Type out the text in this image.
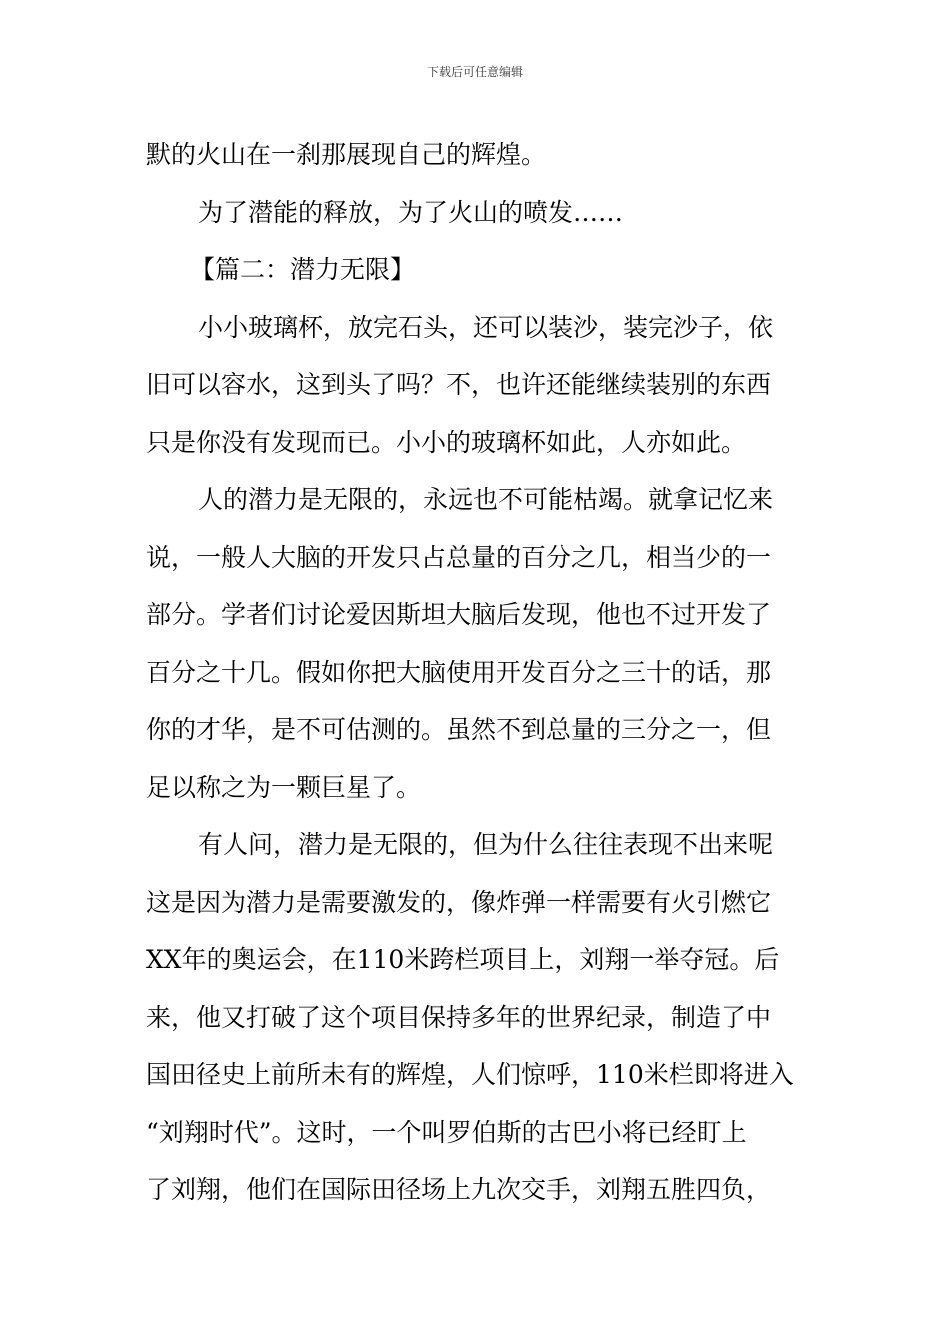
下载后可任意编辑
默的火山在一刹那展现自己的辉煌。
为了潜能的释放，为了火山的喷发……
【篇二：潜力无限】
小小玻璃杯，放完石头，还可以装沙，装完沙子，依
旧可以容水，这到头了吗？不，也许还能继续装别的东西
只是你没有发现而已。小小的玻璃杯如此，人亦如此。
人的潜力是无限的，永远也不可能枯竭。就拿记忆来
说，一般人大脑的开发只占总量的百分之几，相当少的一
部分。学者们讨论爱因斯坦大脑后发现，他也不过开发了
百分之十几。假如你把大脑使用开发百分之三十的话，那
你的才华，是不可估测的。虽然不到总量的三分之一，但
足以称之为一颗巨星了。
有人问，潜力是无限的，但为什么往往表现不出来呢
这是因为潜力是需要激发的，像炸弹一样需要有火引燃它
XX年的奥运会，在110米跨栏项目上，刘翔一举夺冠。后
来，他又打破了这个项目保持多年的世界纪录，制造了中
国田径史上前所未有的辉煌，人们惊呼，110米栏即将进入
“刘翔时代”。这时，一个叫罗伯斯的古巴小将已经盯上
了刘翔，他们在国际田径场上九次交手，刘翔五胜四负，
